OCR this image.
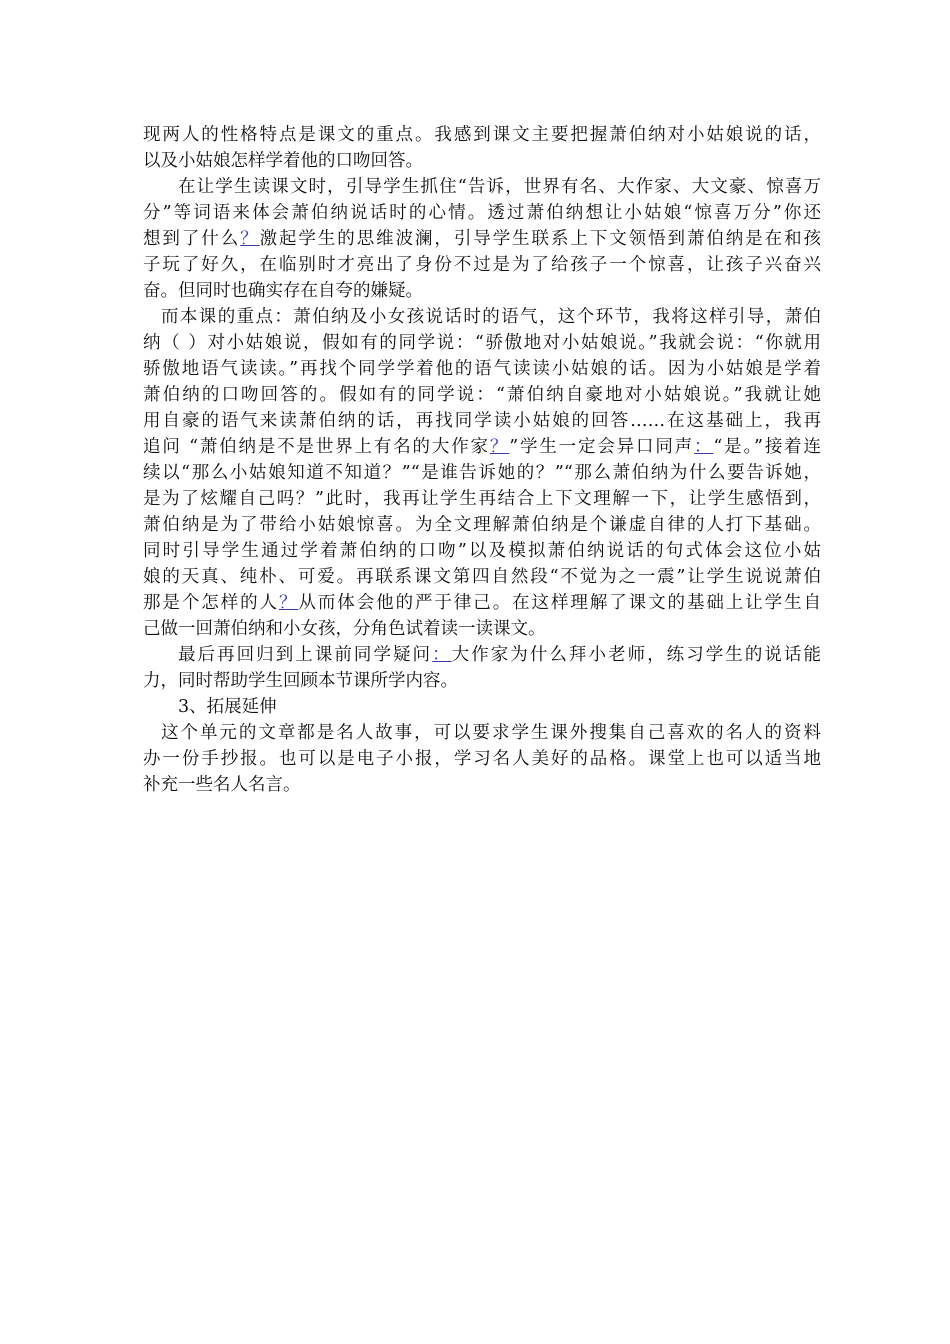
现两人的性格特点是课文的重点。我感到课文主要把握萧伯纳对小姑娘说的话，
以及小姑娘怎样学着他的口吻回答。
在让学生读课文时，引导学生抓住“告诉，世界有名、大作家、大文豪、惊喜万
分”等词语来体会萧伯纳说话时的心情。透过萧伯纳想让小姑娘“惊喜万分”你还
想到了什么？激起学生的思维波澜，引导学生联系上下文领悟到萧伯纳是在和孩
子玩了好久，在临别时才亮出了身份不过是为了给孩子一个惊喜，让孩子兴奋兴
奋。但同时也确实存在自夸的嫌疑。
而本课的重点：萧伯纳及小女孩说话时的语气，这个环节，我将这样引导，萧伯
纳（ ）对小姑娘说，假如有的同学说：“骄傲地对小姑娘说。”我就会说：“你就用
骄傲地语气读读。”再找个同学学着他的语气读读小姑娘的话。因为小姑娘是学着
萧伯纳的口吻回答的。假如有的同学说：“萧伯纳自豪地对小姑娘说。”我就让她
用自豪的语气来读萧伯纳的话，再找同学读小姑娘的回答……在这基础上，我再
追问 “萧伯纳是不是世界上有名的大作家？”学生一定会异口同声：“是。”接着连
续以“那么小姑娘知道不知道？”“是谁告诉她的？”“那么萧伯纳为什么要告诉她，
是为了炫耀自己吗？”此时，我再让学生再结合上下文理解一下，让学生感悟到，
萧伯纳是为了带给小姑娘惊喜。为全文理解萧伯纳是个谦虚自律的人打下基础。
同时引导学生通过学着萧伯纳的口吻”以及模拟萧伯纳说话的句式体会这位小姑
娘的天真、纯朴、可爱。再联系课文第四自然段“不觉为之一震”让学生说说萧伯
那是个怎样的人？从而体会他的严于律己。在这样理解了课文的基础上让学生自
己做一回萧伯纳和小女孩，分角色试着读一读课文。
最后再回归到上课前同学疑问：大作家为什么拜小老师，练习学生的说话能
力，同时帮助学生回顾本节课所学内容。
3、拓展延伸
这个单元的文章都是名人故事，可以要求学生课外搜集自己喜欢的名人的资料
办一份手抄报。也可以是电子小报，学习名人美好的品格。课堂上也可以适当地
补充一些名人名言。
